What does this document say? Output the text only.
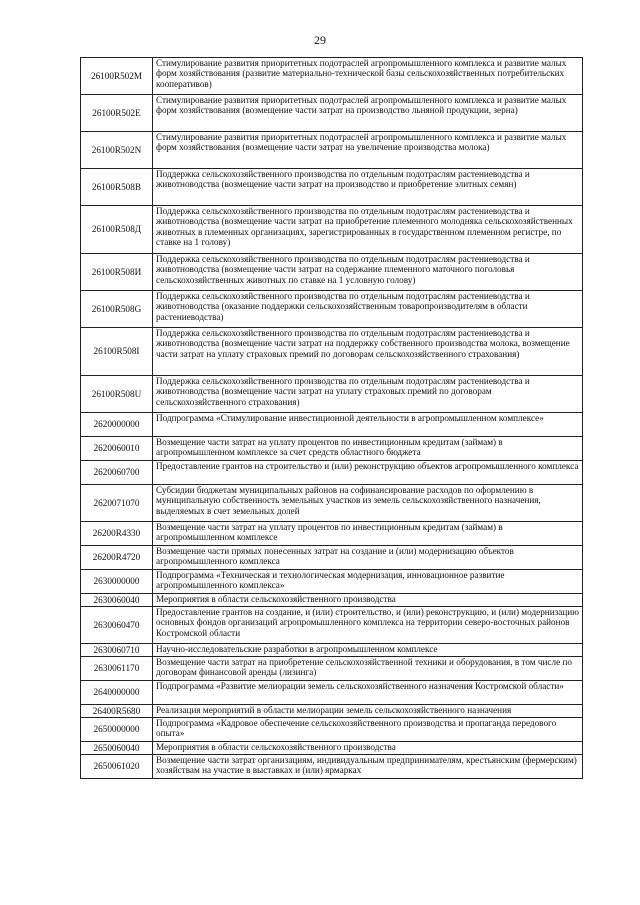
29
26100R502M	Стимулирование развития приоритетных подотраслей агропромышленного комплекса и развитие малых форм хозяйствования (развитие материально-технической базы сельскохозяйственных потребительских кооперативов)
26100R502E	Стимулирование развития приоритетных подотраслей агропромышленного комплекса и развитие малых форм хозяйствования (возмещение части затрат на производство льняной продукции, зерна)
26100R502N	Стимулирование развития приоритетных подотраслей агропромышленного комплекса и развитие малых форм хозяйствования (возмещение части затрат на увеличение производства молока)
26100R508B	Поддержка сельскохозяйственного производства по отдельным подотраслям растениеводства и животноводства (возмещение части затрат на производство и приобретение элитных семян)
26100R508Д	Поддержка сельскохозяйственного производства по отдельным подотраслям растениеводства и животноводства (возмещение части затрат на приобретение племенного молодняка сельскохозяйственных животных в племенных организациях, зарегистрированных в государственном племенном регистре, по ставке на 1 голову)
26100R508И	Поддержка сельскохозяйственного производства по отдельным подотраслям растениеводства и животноводства (возмещение части затрат на содержание племенного маточного поголовья сельскохозяйственных животных по ставке на 1 условную голову)
26100R508G	Поддержка сельскохозяйственного производства по отдельным подотраслям растениеводства и животноводства (оказание поддержки сельскохозяйственным товаропроизводителям в области растениеводства)
26100R508I	Поддержка сельскохозяйственного производства по отдельным подотраслям растениеводства и животноводства (возмещение части затрат на поддержку собственного производства молока, возмещение части затрат на уплату страховых премий по договорам сельскохозяйственного страхования)
26100R508U	Поддержка сельскохозяйственного производства по отдельным подотраслям растениеводства и животноводства (возмещение части затрат на уплату страховых премий по договорам сельскохозяйственного страхования)
2620000000	Подпрограмма «Стимулирование инвестиционной деятельности в агропромышленном комплексе»
2620060010	Возмещение части затрат на уплату процентов по инвестиционным кредитам (займам) в агропромышленном комплексе за счет средств областного бюджета
2620060700	Предоставление грантов на строительство и (или) реконструкцию объектов агропромышленного комплекса
2620071070	Субсидии бюджетам муниципальных районов на софинансирование расходов по оформлению в муниципальную собственность земельных участков из земель сельскохозяйственного назначения, выделяемых в счет земельных долей
26200R4330	Возмещение части затрат на уплату процентов по инвестиционным кредитам (займам) в агропромышленном комплексе
26200R4720	Возмещение части прямых понесенных затрат на создание и (или) модернизацию объектов агропромышленного комплекса
2630000000	Подпрограмма «Техническая и технологическая модернизация, инновационное развитие агропромышленного комплекса»
2630060040	Мероприятия в области сельскохозяйственного производства
2630060470	Предоставление грантов на создание, и (или) строительство, и (или) реконструкцию, и (или) модернизацию основных фондов организаций агропромышленного комплекса на территории северо-восточных районов Костромской области
2630060710	Научно-исследовательские разработки в агропромышленном комплексе
2630061170	Возмещение части затрат на приобретение сельскохозяйственной техники и оборудования, в том числе по договорам финансовой аренды (лизинга)
2640000000	Подпрограмма «Развитие мелиорации земель сельскохозяйственного назначения Костромской области»
26400R5680	Реализация мероприятий в области мелиорации земель сельскохозяйственного назначения
2650000000	Подпрограмма «Кадровое обеспечение сельскохозяйственного производства и пропаганда передового опыта»
2650060040	Мероприятия в области сельскохозяйственного производства
2650061020	Возмещение части затрат организациям, индивидуальным предпринимателям, крестьянским (фермерским) хозяйствам на участие в выставках и (или) ярмарках
